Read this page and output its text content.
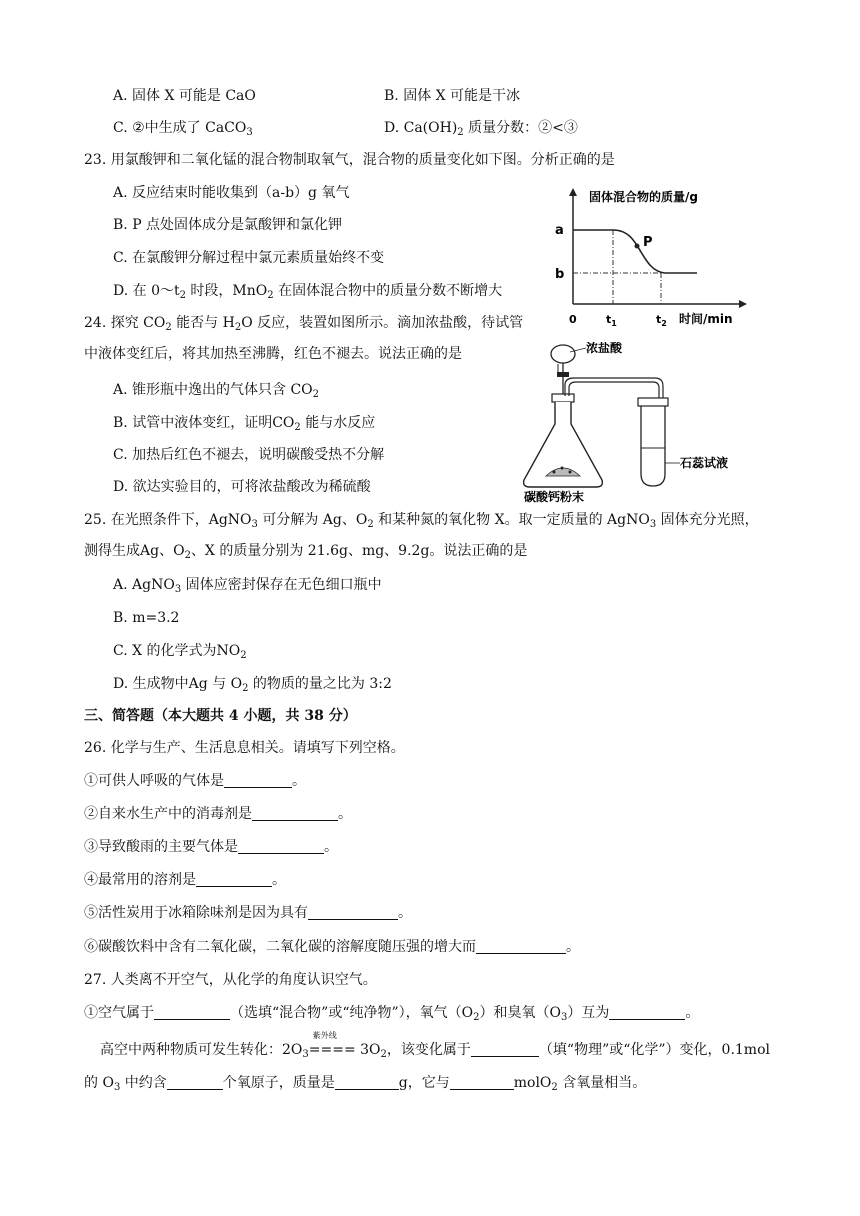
A. 固体 X 可能是 CaO	B. 固体 X 可能是干冰
C. ②中生成了 CaCO$_3$	D. $Ca(OH)_2$ 质量分数：②<③
23. 用氯酸钾和二氧化锰的混合物制取氧气，混合物的质量变化如下图。分析正确的是
A. 反应结束时能收集到（a-b）g 氧气
B. P 点处固体成分是氯酸钾和氯化钾
C. 在氯酸钾分解过程中氯元素质量始终不变
D. 在 $0\sim t_2$ 时段，MnO$_2$ 在固体混合物中的质量分数不断增大
固体混合物的质量/g
a
b
0	$t_1$	$t_2$ 时间/min
P
24. 探究 $CO_2$ 能否与 $H_2O$ 反应，装置如图所示。滴加浓盐酸，待试管
中液体变红后，将其加热至沸腾，红色不褪去。说法正确的是
A. 锥形瓶中逸出的气体只含 $CO_2$
B. 试管中液体变红，证明$CO_2$ 能与水反应
C. 加热后红色不褪去，说明碳酸受热不分解
D. 欲达实验目的，可将浓盐酸改为稀硫酸
浓盐酸
碳酸钙粉末
石蕊试液
25. 在光照条件下，AgNO$_3$ 可分解为 Ag、$O_2$ 和某种氮的氧化物 X。取一定质量的 AgNO$_3$ 固体充分光照，
测得生成Ag、$O_2$、X 的质量分别为 21.6g、mg、9.2g。说法正确的是
A. AgNO$_3$ 固体应密封保存在无色细口瓶中
B. m=3.2
C. X 的化学式为$NO_2$
D. 生成物中Ag 与 $O_2$ 的物质的量之比为 3:2
三、简答题（本大题共 4 小题，共 38 分）
26. 化学与生产、生活息息相关。请填写下列空格。
①可供人呼吸的气体是	。
②自来水生产中的消毒剂是	。
③导致酸雨的主要气体是	。
④最常用的溶剂是	。
⑤活性炭用于冰箱除味剂是因为具有	。
⑥碳酸饮料中含有二氧化碳，二氧化碳的溶解度随压强的增大而	。
27. 人类离不开空气，从化学的角度认识空气。
①空气属于	（选填“混合物”或“纯净物”），氧气$(O_2)$和臭氧$(O_3)$互为	。
高空中两种物质可发生转化：$2O_3$
紫外线
==== $3O_2$，该变化属于	（填“物理”或“化学”）变化，0.1mol
的 $O_3$ 中约含	个氧原子，质量是	g，它与	molO$_2$ 含氧量相当。
